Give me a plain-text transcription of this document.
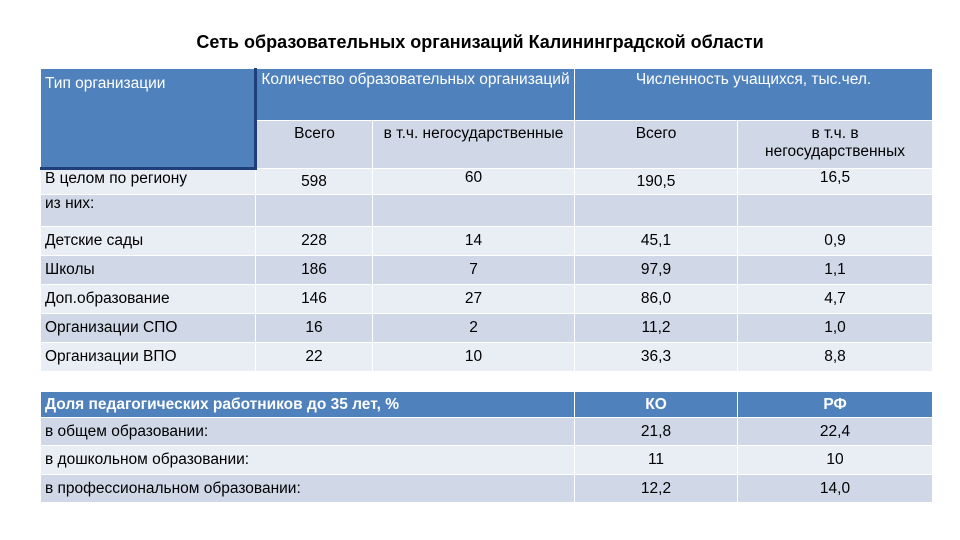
Сеть образовательных организаций Калининградской области
Тип организации	Количество образовательных организаций		Численность учащихся, тыс.чел.	
	Всего	в т.ч. негосударственные	Всего	в т.ч. в негосударственных
В целом по региону	598	60	190,5	16,5
из них:				
Детские сады	228	14	45,1	0,9
Школы	186	7	97,9	1,1
Доп.образование	146	27	86,0	4,7
Организации СПО	16	2	11,2	1,0
Организации ВПО	22	10	36,3	8,8
Доля педагогических работников до 35 лет, %	КО	РФ
в общем образовании:	21,8	22,4
в дошкольном образовании:	11	10
в профессиональном образовании:	12,2	14,0
